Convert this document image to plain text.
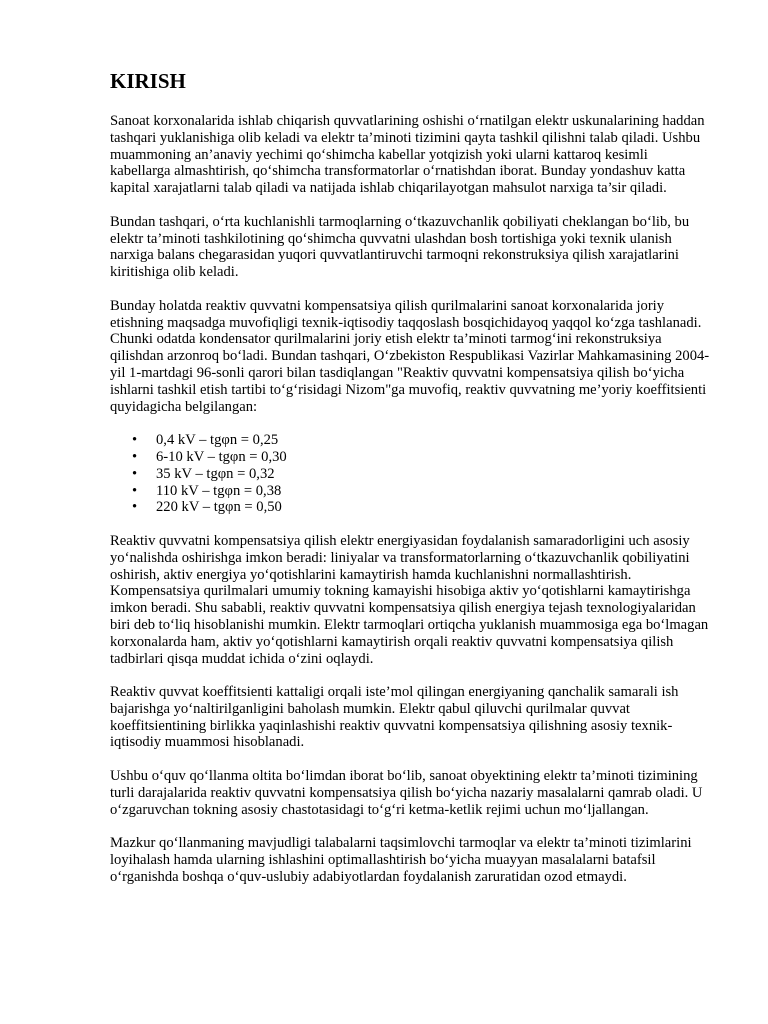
KIRISH

Sanoat korxonalarida ishlab chiqarish quvvatlarining oshishi o‘rnatilgan elektr uskunalarining haddan tashqari yuklanishiga olib keladi va elektr ta’minoti tizimini qayta tashkil qilishni talab qiladi. Ushbu muammoning an’anaviy yechimi qo‘shimcha kabellar yotqizish yoki ularni kattaroq kesimli kabellarga almashtirish, qo‘shimcha transformatorlar o‘rnatishdan iborat. Bunday yondashuv katta kapital xarajatlarni talab qiladi va natijada ishlab chiqarilayotgan mahsulot narxiga ta’sir qiladi.

Bundan tashqari, o‘rta kuchlanishli tarmoqlarning o‘tkazuvchanlik qobiliyati cheklangan bo‘lib, bu elektr ta’minoti tashkilotining qo‘shimcha quvvatni ulashdan bosh tortishiga yoki texnik ulanish narxiga balans chegarasidan yuqori quvvatlantiruvchi tarmoqni rekonstruksiya qilish xarajatlarini kiritishiga olib keladi.

Bunday holatda reaktiv quvvatni kompensatsiya qilish qurilmalarini sanoat korxonalarida joriy etishning maqsadga muvofiqligi texnik-iqtisodiy taqqoslash bosqichidayoq yaqqol ko‘zga tashlanadi. Chunki odatda kondensator qurilmalarini joriy etish elektr ta’minoti tarmog‘ini rekonstruksiya qilishdan arzonroq bo‘ladi. Bundan tashqari, O‘zbekiston Respublikasi Vazirlar Mahkamasining 2004-yil 1-martdagi 96-sonli qarori bilan tasdiqlangan "Reaktiv quvvatni kompensatsiya qilish bo‘yicha ishlarni tashkil etish tartibi to‘g‘risidagi Nizom"ga muvofiq, reaktiv quvvatning me’yoriy koeffitsienti quyidagicha belgilangan:

• 0,4 kV – tgφn = 0,25
• 6-10 kV – tgφn = 0,30
• 35 kV – tgφn = 0,32
• 110 kV – tgφn = 0,38
• 220 kV – tgφn = 0,50

Reaktiv quvvatni kompensatsiya qilish elektr energiyasidan foydalanish samaradorligini uch asosiy yo‘nalishda oshirishga imkon beradi: liniyalar va transformatorlarning o‘tkazuvchanlik qobiliyatini oshirish, aktiv energiya yo‘qotishlarini kamaytirish hamda kuchlanishni normallashtirish. Kompensatsiya qurilmalari umumiy tokning kamayishi hisobiga aktiv yo‘qotishlarni kamaytirishga imkon beradi. Shu sababli, reaktiv quvvatni kompensatsiya qilish energiya tejash texnologiyalaridan biri deb to‘liq hisoblanishi mumkin. Elektr tarmoqlari ortiqcha yuklanish muammosiga ega bo‘lmagan korxonalarda ham, aktiv yo‘qotishlarni kamaytirish orqali reaktiv quvvatni kompensatsiya qilish tadbirlari qisqa muddat ichida o‘zini oqlaydi.

Reaktiv quvvat koeffitsienti kattaligi orqali iste’mol qilingan energiyaning qanchalik samarali ish bajarishga yo‘naltirilganligini baholash mumkin. Elektr qabul qiluvchi qurilmalar quvvat koeffitsientining birlikka yaqinlashishi reaktiv quvvatni kompensatsiya qilishning asosiy texnik-iqtisodiy muammosi hisoblanadi.

Ushbu o‘quv qo‘llanma oltita bo‘limdan iborat bo‘lib, sanoat obyektining elektr ta’minoti tizimining turli darajalarida reaktiv quvvatni kompensatsiya qilish bo‘yicha nazariy masalalarni qamrab oladi. U o‘zgaruvchan tokning asosiy chastotasidagi to‘g‘ri ketma-ketlik rejimi uchun mo‘ljallangan.

Mazkur qo‘llanmaning mavjudligi talabalarni taqsimlovchi tarmoqlar va elektr ta’minoti tizimlarini loyihalash hamda ularning ishlashini optimallashtirish bo‘yicha muayyan masalalarni batafsil o‘rganishda boshqa o‘quv-uslubiy adabiyotlardan foydalanish zaruratidan ozod etmaydi.
